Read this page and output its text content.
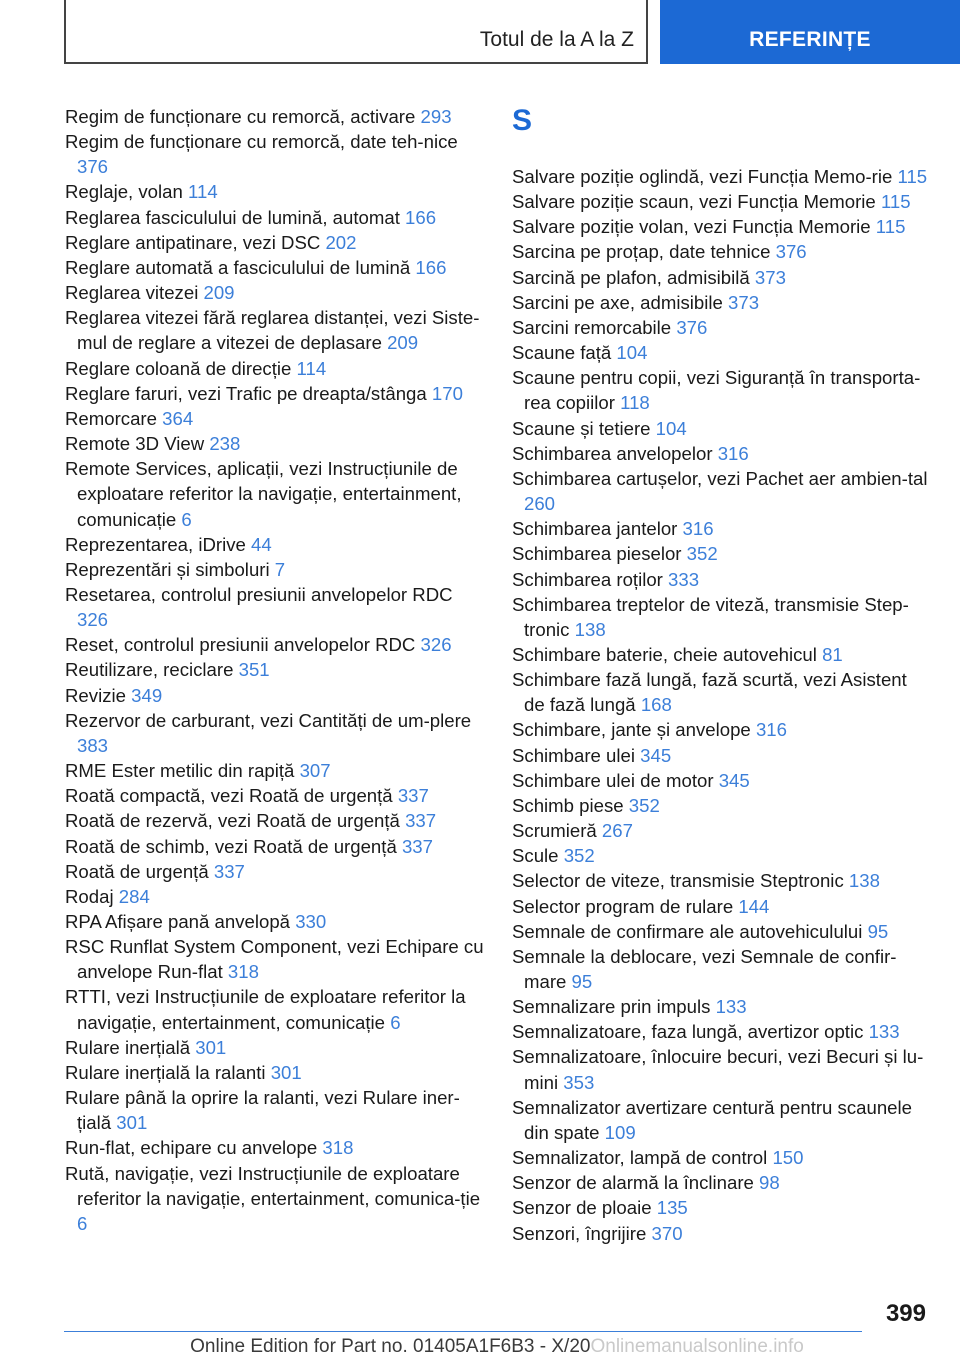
Totul de la A la Z	REFERINȚE
Regim de funcționare cu remorcă, activare 293
Regim de funcționare cu remorcă, date teh-nice 376
Reglaje, volan 114
Reglarea fasciculului de lumină, automat 166
Reglare antipatinare, vezi DSC 202
Reglare automată a fasciculului de lumină 166
Reglarea vitezei 209
Reglarea vitezei fără reglarea distanței, vezi Siste-mul de reglare a vitezei de deplasare 209
Reglare coloană de direcție 114
Reglare faruri, vezi Trafic pe dreapta/stânga 170
Remorcare 364
Remote 3D View 238
Remote Services, aplicații, vezi Instrucțiunile de exploatare referitor la navigație, entertainment, comunicație 6
Reprezentarea, iDrive 44
Reprezentări și simboluri 7
Resetarea, controlul presiunii anvelopelor RDC 326
Reset, controlul presiunii anvelopelor RDC 326
Reutilizare, reciclare 351
Revizie 349
Rezervor de carburant, vezi Cantități de um-plere 383
RME Ester metilic din rapiță 307
Roată compactă, vezi Roată de urgență 337
Roată de rezervă, vezi Roată de urgență 337
Roată de schimb, vezi Roată de urgență 337
Roată de urgență 337
Rodaj 284
RPA Afișare pană anvelopă 330
RSC Runflat System Component, vezi Echipare cu anvelope Run-flat 318
RTTI, vezi Instrucțiunile de exploatare referitor la navigație, entertainment, comunicație 6
Rulare inerțială 301
Rulare inerțială la ralanti 301
Rulare până la oprire la ralanti, vezi Rulare iner-țială 301
Run-flat, echipare cu anvelope 318
Rută, navigație, vezi Instrucțiunile de exploatare referitor la navigație, entertainment, comunica-ție 6
S
Salvare poziție oglindă, vezi Funcția Memo-rie 115
Salvare poziție scaun, vezi Funcția Memorie 115
Salvare poziție volan, vezi Funcția Memorie 115
Sarcina pe proțap, date tehnice 376
Sarcină pe plafon, admisibilă 373
Sarcini pe axe, admisibile 373
Sarcini remorcabile 376
Scaune față 104
Scaune pentru copii, vezi Siguranță în transporta-rea copiilor 118
Scaune și tetiere 104
Schimbarea anvelopelor 316
Schimbarea cartușelor, vezi Pachet aer ambien-tal 260
Schimbarea jantelor 316
Schimbarea pieselor 352
Schimbarea roților 333
Schimbarea treptelor de viteză, transmisie Step-tronic 138
Schimbare baterie, cheie autovehicul 81
Schimbare fază lungă, fază scurtă, vezi Asistent de fază lungă 168
Schimbare, jante și anvelope 316
Schimbare ulei 345
Schimbare ulei de motor 345
Schimb piese 352
Scrumieră 267
Scule 352
Selector de viteze, transmisie Steptronic 138
Selector program de rulare 144
Semnale de confirmare ale autovehiculului 95
Semnale la deblocare, vezi Semnale de confir-mare 95
Semnalizare prin impuls 133
Semnalizatoare, faza lungă, avertizor optic 133
Semnalizatoare, înlocuire becuri, vezi Becuri și lu-mini 353
Semnalizator avertizare centură pentru scaunele din spate 109
Semnalizator, lampă de control 150
Senzor de alarmă la înclinare 98
Senzor de ploaie 135
Senzori, îngrijire 370
399
Online Edition for Part no. 01405A1F6B3 - X/20Onlinemanualsonline.info
